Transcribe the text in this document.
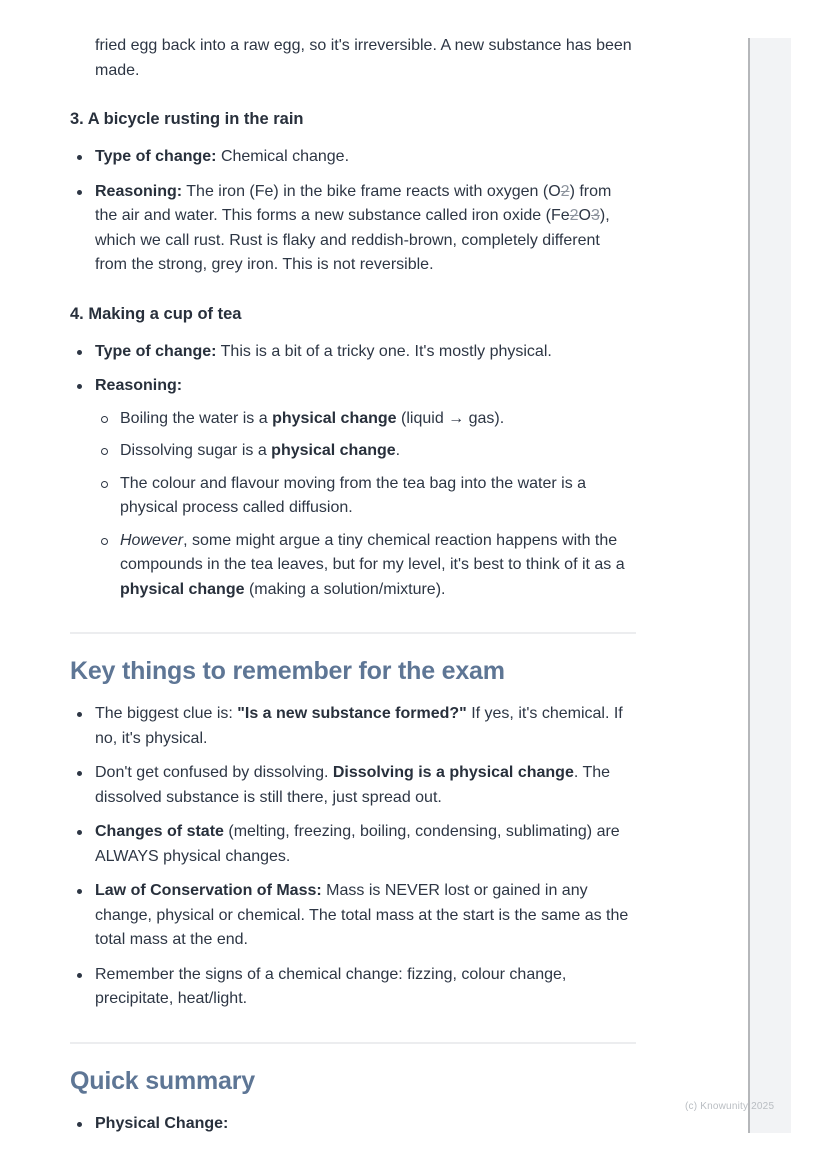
fried egg back into a raw egg, so it's irreversible. A new substance has been made.

3. A bicycle rusting in the rain
Type of change: Chemical change.
Reasoning: The iron (Fe) in the bike frame reacts with oxygen (O2) from the air and water. This forms a new substance called iron oxide (Fe2O3), which we call rust. Rust is flaky and reddish-brown, completely different from the strong, grey iron. This is not reversible.
4. Making a cup of tea
Type of change: This is a bit of a tricky one. It's mostly physical.
Reasoning:
Boiling the water is a physical change (liquid → gas).
Dissolving sugar is a physical change.
The colour and flavour moving from the tea bag into the water is a physical process called diffusion.
However, some might argue a tiny chemical reaction happens with the compounds in the tea leaves, but for my level, it's best to think of it as a physical change (making a solution/mixture).
Key things to remember for the exam
The biggest clue is: "Is a new substance formed?" If yes, it's chemical. If no, it's physical.
Don't get confused by dissolving. Dissolving is a physical change. The dissolved substance is still there, just spread out.
Changes of state (melting, freezing, boiling, condensing, sublimating) are ALWAYS physical changes.
Law of Conservation of Mass: Mass is NEVER lost or gained in any change, physical or chemical. The total mass at the start is the same as the total mass at the end.
Remember the signs of a chemical change: fizzing, colour change, precipitate, heat/light.
Quick summary
Physical Change:
(c) Knowunity 2025
